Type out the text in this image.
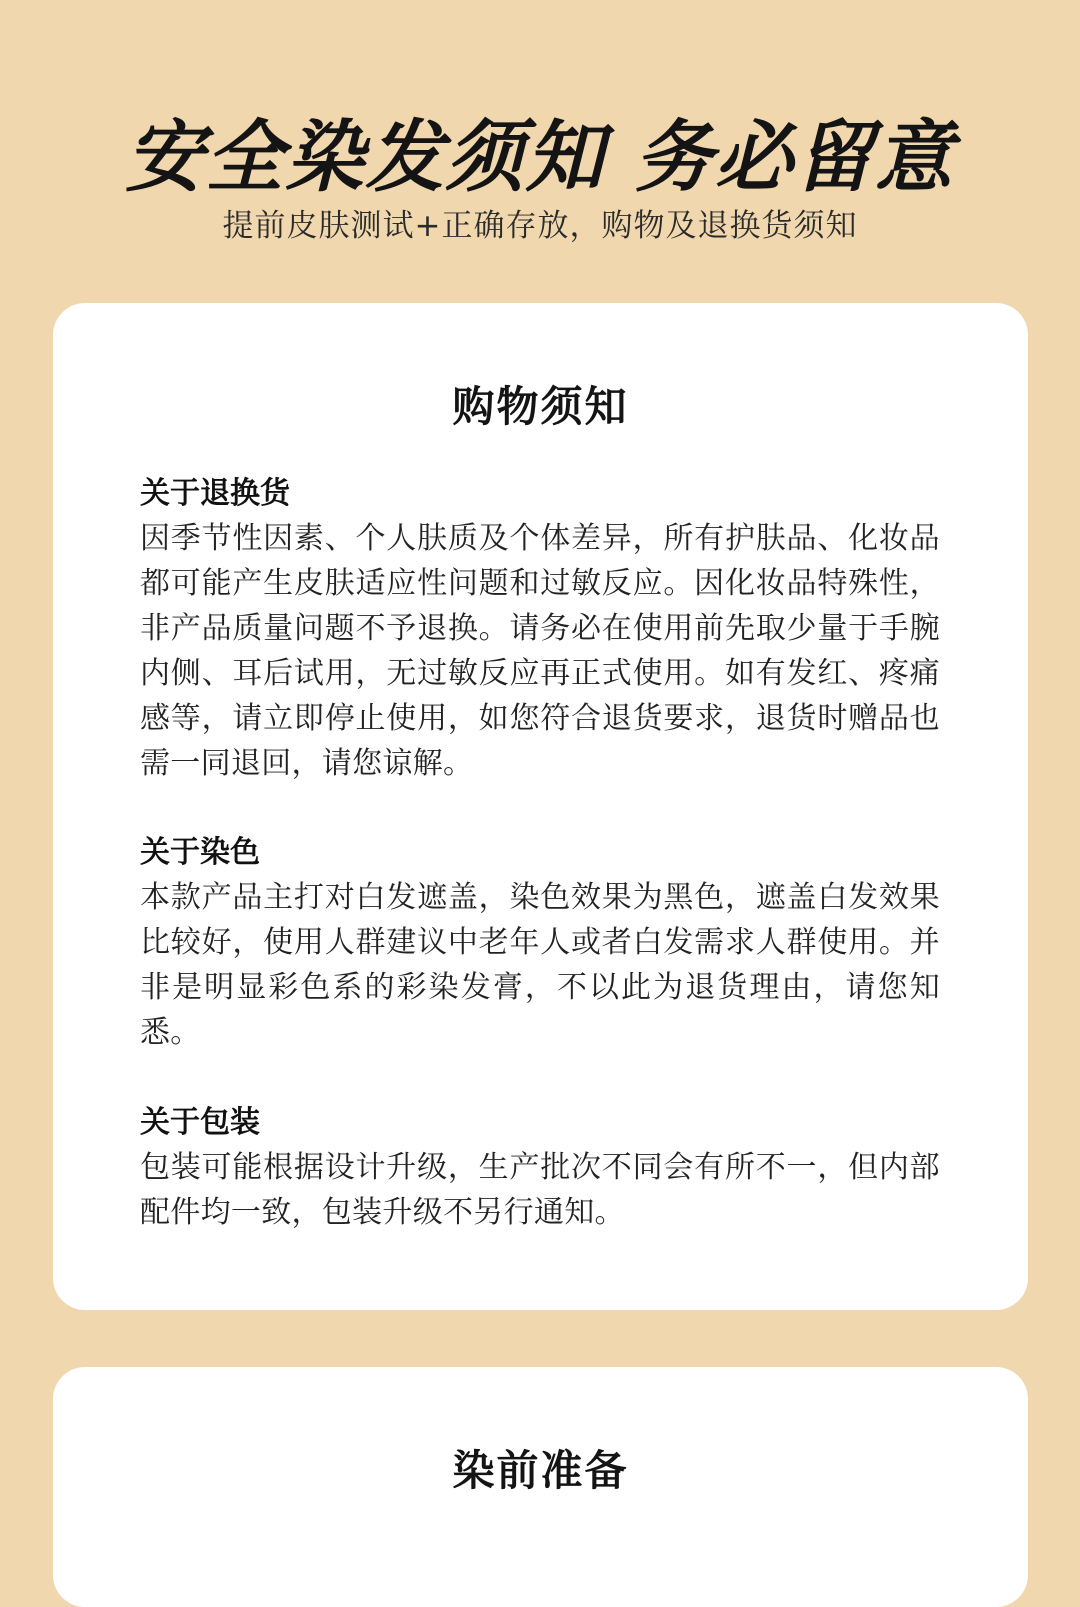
安全染发须知 务必留意

提前皮肤测试+正确存放，购物及退换货须知

购物须知
关于退换货

因季节性因素、个人肤质及个体差异，所有护肤品、化妆品都可能产生皮肤适应性问题和过敏反应。因化妆品特殊性，非产品质量问题不予退换。请务必在使用前先取少量于手腕内侧、耳后试用，无过敏反应再正式使用。如有发红、疼痛感等，请立即停止使用，如您符合退货要求，退货时赠品也需一同退回，请您谅解。

关于染色

本款产品主打对白发遮盖，染色效果为黑色，遮盖白发效果比较好，使用人群建议中老年人或者白发需求人群使用。并非是明显彩色系的彩染发膏，不以此为退货理由，请您知悉。

关于包装

包装可能根据设计升级，生产批次不同会有所不一，但内部配件均一致，包装升级不另行通知。

染前准备
